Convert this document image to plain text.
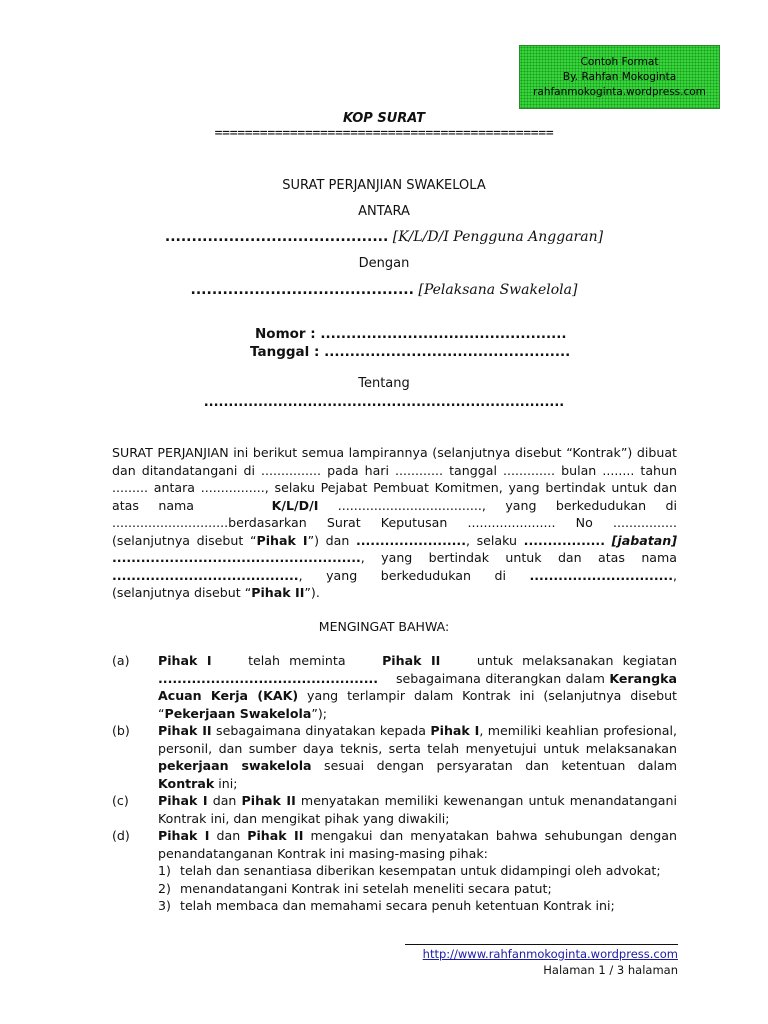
Contoh Format
By. Rahfan Mokoginta
rahfanmokoginta.wordpress.com
KOP SURAT
=============================================
SURAT PERJANJIAN SWAKELOLA
ANTARA
.......................................... [K/L/D/I Pengguna Anggaran]
Dengan
.......................................... [Pelaksana Swakelola]
Nomor : ................................................
Tanggal : ................................................
Tentang
.........................................................................
SURAT PERJANJIAN ini berikut semua lampirannya (selanjutnya disebut “Kontrak”) dibuat dan ditandatangani di ............... pada hari ............ tanggal ............. bulan ........ tahun ......... antara ................, selaku Pejabat Pembuat Komitmen, yang bertindak untuk dan atas nama	K/L/D/I ...................................., yang berkedudukan di .............................berdasarkan Surat Keputusan ...................... No ................ (selanjutnya disebut “Pihak I”) dan ......................., selaku ................. [jabatan] ...................................................., yang bertindak untuk dan atas nama ......................................., yang berkedudukan di .............................., (selanjutnya disebut “Pihak II”).
MENGINGAT BAHWA:
(a)	Pihak I	telah meminta	Pihak II	untuk melaksanakan kegiatan .............................................. sebagaimana diterangkan dalam Kerangka Acuan Kerja (KAK) yang terlampir dalam Kontrak ini (selanjutnya disebut “Pekerjaan Swakelola”);
(b)	Pihak II sebagaimana dinyatakan kepada Pihak I, memiliki keahlian profesional, personil, dan sumber daya teknis, serta telah menyetujui untuk melaksanakan pekerjaan swakelola sesuai dengan persyaratan dan ketentuan dalam Kontrak ini;
(c)	Pihak I dan Pihak II menyatakan memiliki kewenangan untuk menandatangani Kontrak ini, dan mengikat pihak yang diwakili;
(d)	Pihak I dan Pihak II mengakui dan menyatakan bahwa sehubungan dengan penandatanganan Kontrak ini masing-masing pihak:
1) telah dan senantiasa diberikan kesempatan untuk didampingi oleh advokat;
2) menandatangani Kontrak ini setelah meneliti secara patut;
3) telah membaca dan memahami secara penuh ketentuan Kontrak ini;
http://www.rahfanmokoginta.wordpress.com
Halaman 1 / 3 halaman
